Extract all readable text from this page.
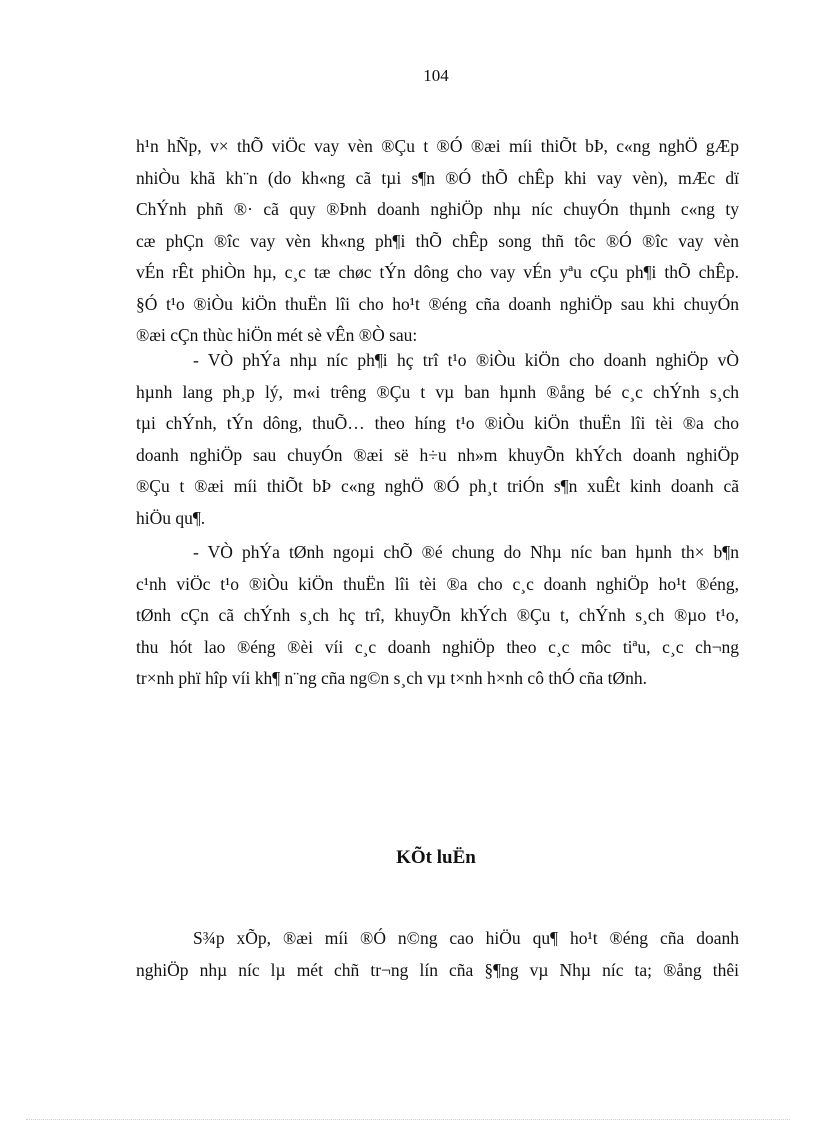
104
h¹n hÑp, v× thÕ viÖc vay vèn ®Çu t ®Ó ®æi míi thiÕt bÞ, c«ng nghÖ gÆp
nhiÒu khã kh¨n (do kh«ng cã tµi s¶n ®Ó thÕ chÊp khi vay vèn), mÆc dï
ChÝnh phñ ®· cã quy ®Þnh doanh nghiÖp nhµ níc chuyÓn thµnh c«ng ty
cæ phÇn ®îc vay vèn kh«ng ph¶i thÕ chÊp song thñ tôc ®Ó ®îc vay vèn
vÉn rÊt phiÒn hµ, c¸c tæ chøc tÝn dông cho vay vÉn yªu cÇu ph¶i thÕ chÊp.
§Ó t¹o ®iÒu kiÖn thuËn lîi cho ho¹t ®éng cña doanh nghiÖp sau khi chuyÓn
®æi cÇn thùc hiÖn mét sè vÊn ®Ò sau:
- VÒ phÝa nhµ níc ph¶i hç trî t¹o ®iÒu kiÖn cho doanh nghiÖp vÒ
hµnh lang ph¸p lý, m«i trêng ®Çu t vµ ban hµnh ®ång bé c¸c chÝnh s¸ch
tµi chÝnh, tÝn dông, thuÕ… theo híng t¹o ®iÒu kiÖn thuËn lîi tèi ®a cho
doanh nghiÖp sau chuyÓn ®æi së h÷u nh»m khuyÕn khÝch doanh nghiÖp
®Çu t ®æi míi thiÕt bÞ c«ng nghÖ ®Ó ph¸t triÓn s¶n xuÊt kinh doanh cã
hiÖu qu¶.
- VÒ phÝa tØnh ngoµi chÕ ®é chung do Nhµ níc ban hµnh th× b¶n
c¹nh viÖc t¹o ®iÒu kiÖn thuËn lîi tèi ®a cho c¸c doanh nghiÖp ho¹t ®éng,
tØnh cÇn cã chÝnh s¸ch hç trî, khuyÕn khÝch ®Çu t, chÝnh s¸ch ®µo t¹o,
thu hót lao ®éng ®èi víi c¸c doanh nghiÖp theo c¸c môc tiªu, c¸c ch¬ng
tr×nh phï hîp víi kh¶ n¨ng cña ng©n s¸ch vµ t×nh h×nh cô thÓ cña tØnh.
KÕt luËn
S¾p xÕp, ®æi míi ®Ó n©ng cao hiÖu qu¶ ho¹t ®éng cña doanh
nghiÖp nhµ níc lµ mét chñ tr¬ng lín cña §¶ng vµ Nhµ níc ta; ®ång thêi
